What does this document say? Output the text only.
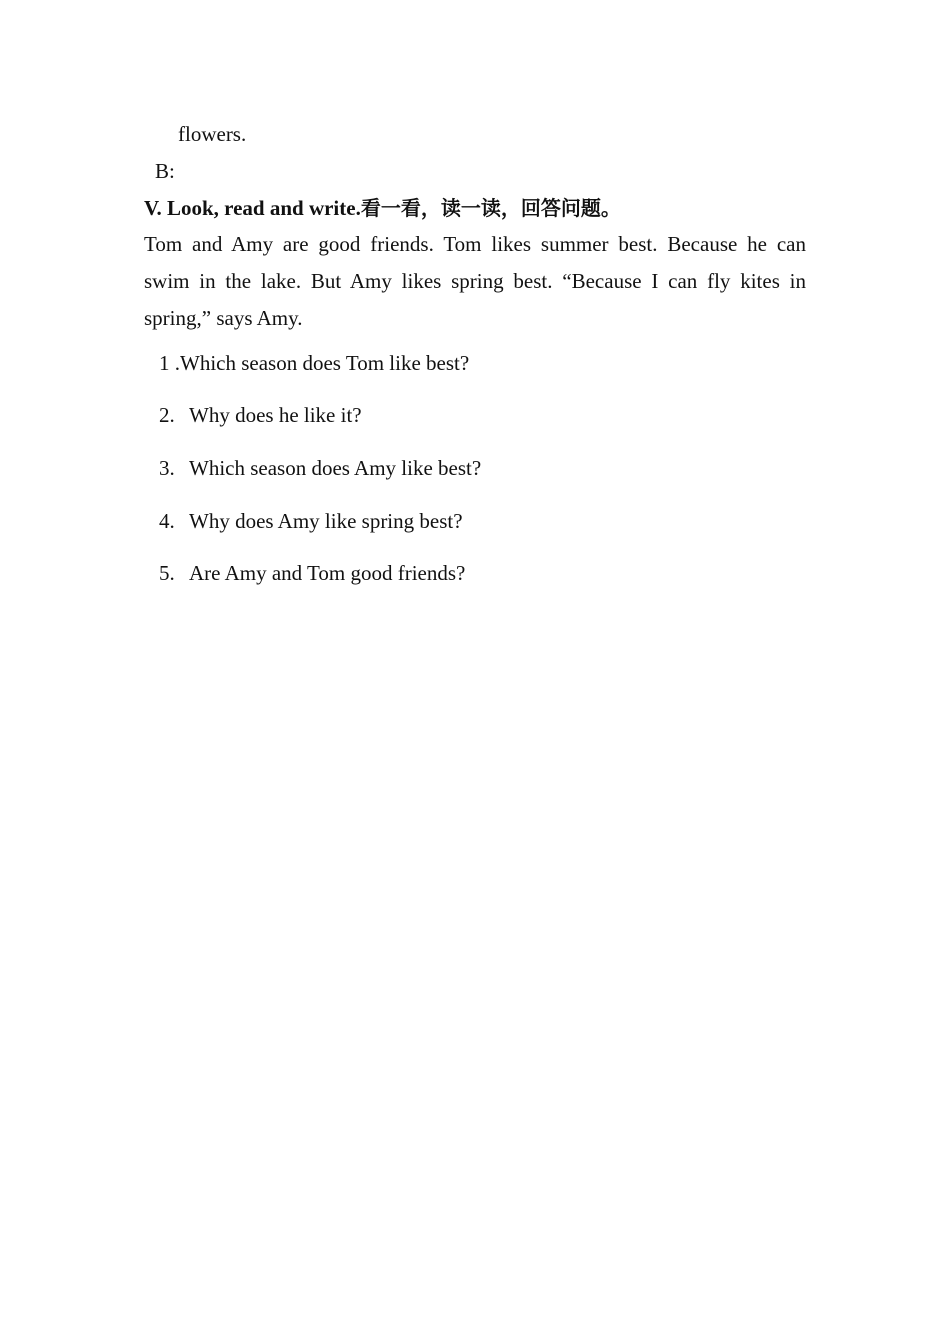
flowers.
B:
V. Look, read and write.看一看，读一读，回答问题。
Tom and Amy are good friends. Tom likes summer best. Because he can
swim in the lake. But Amy likes spring best. “Because I can fly kites in
spring,” says Amy.
1 .Which season does Tom like best?
2. Why does he like it?
3. Which season does Amy like best?
4. Why does Amy like spring best?
5. Are Amy and Tom good friends?
